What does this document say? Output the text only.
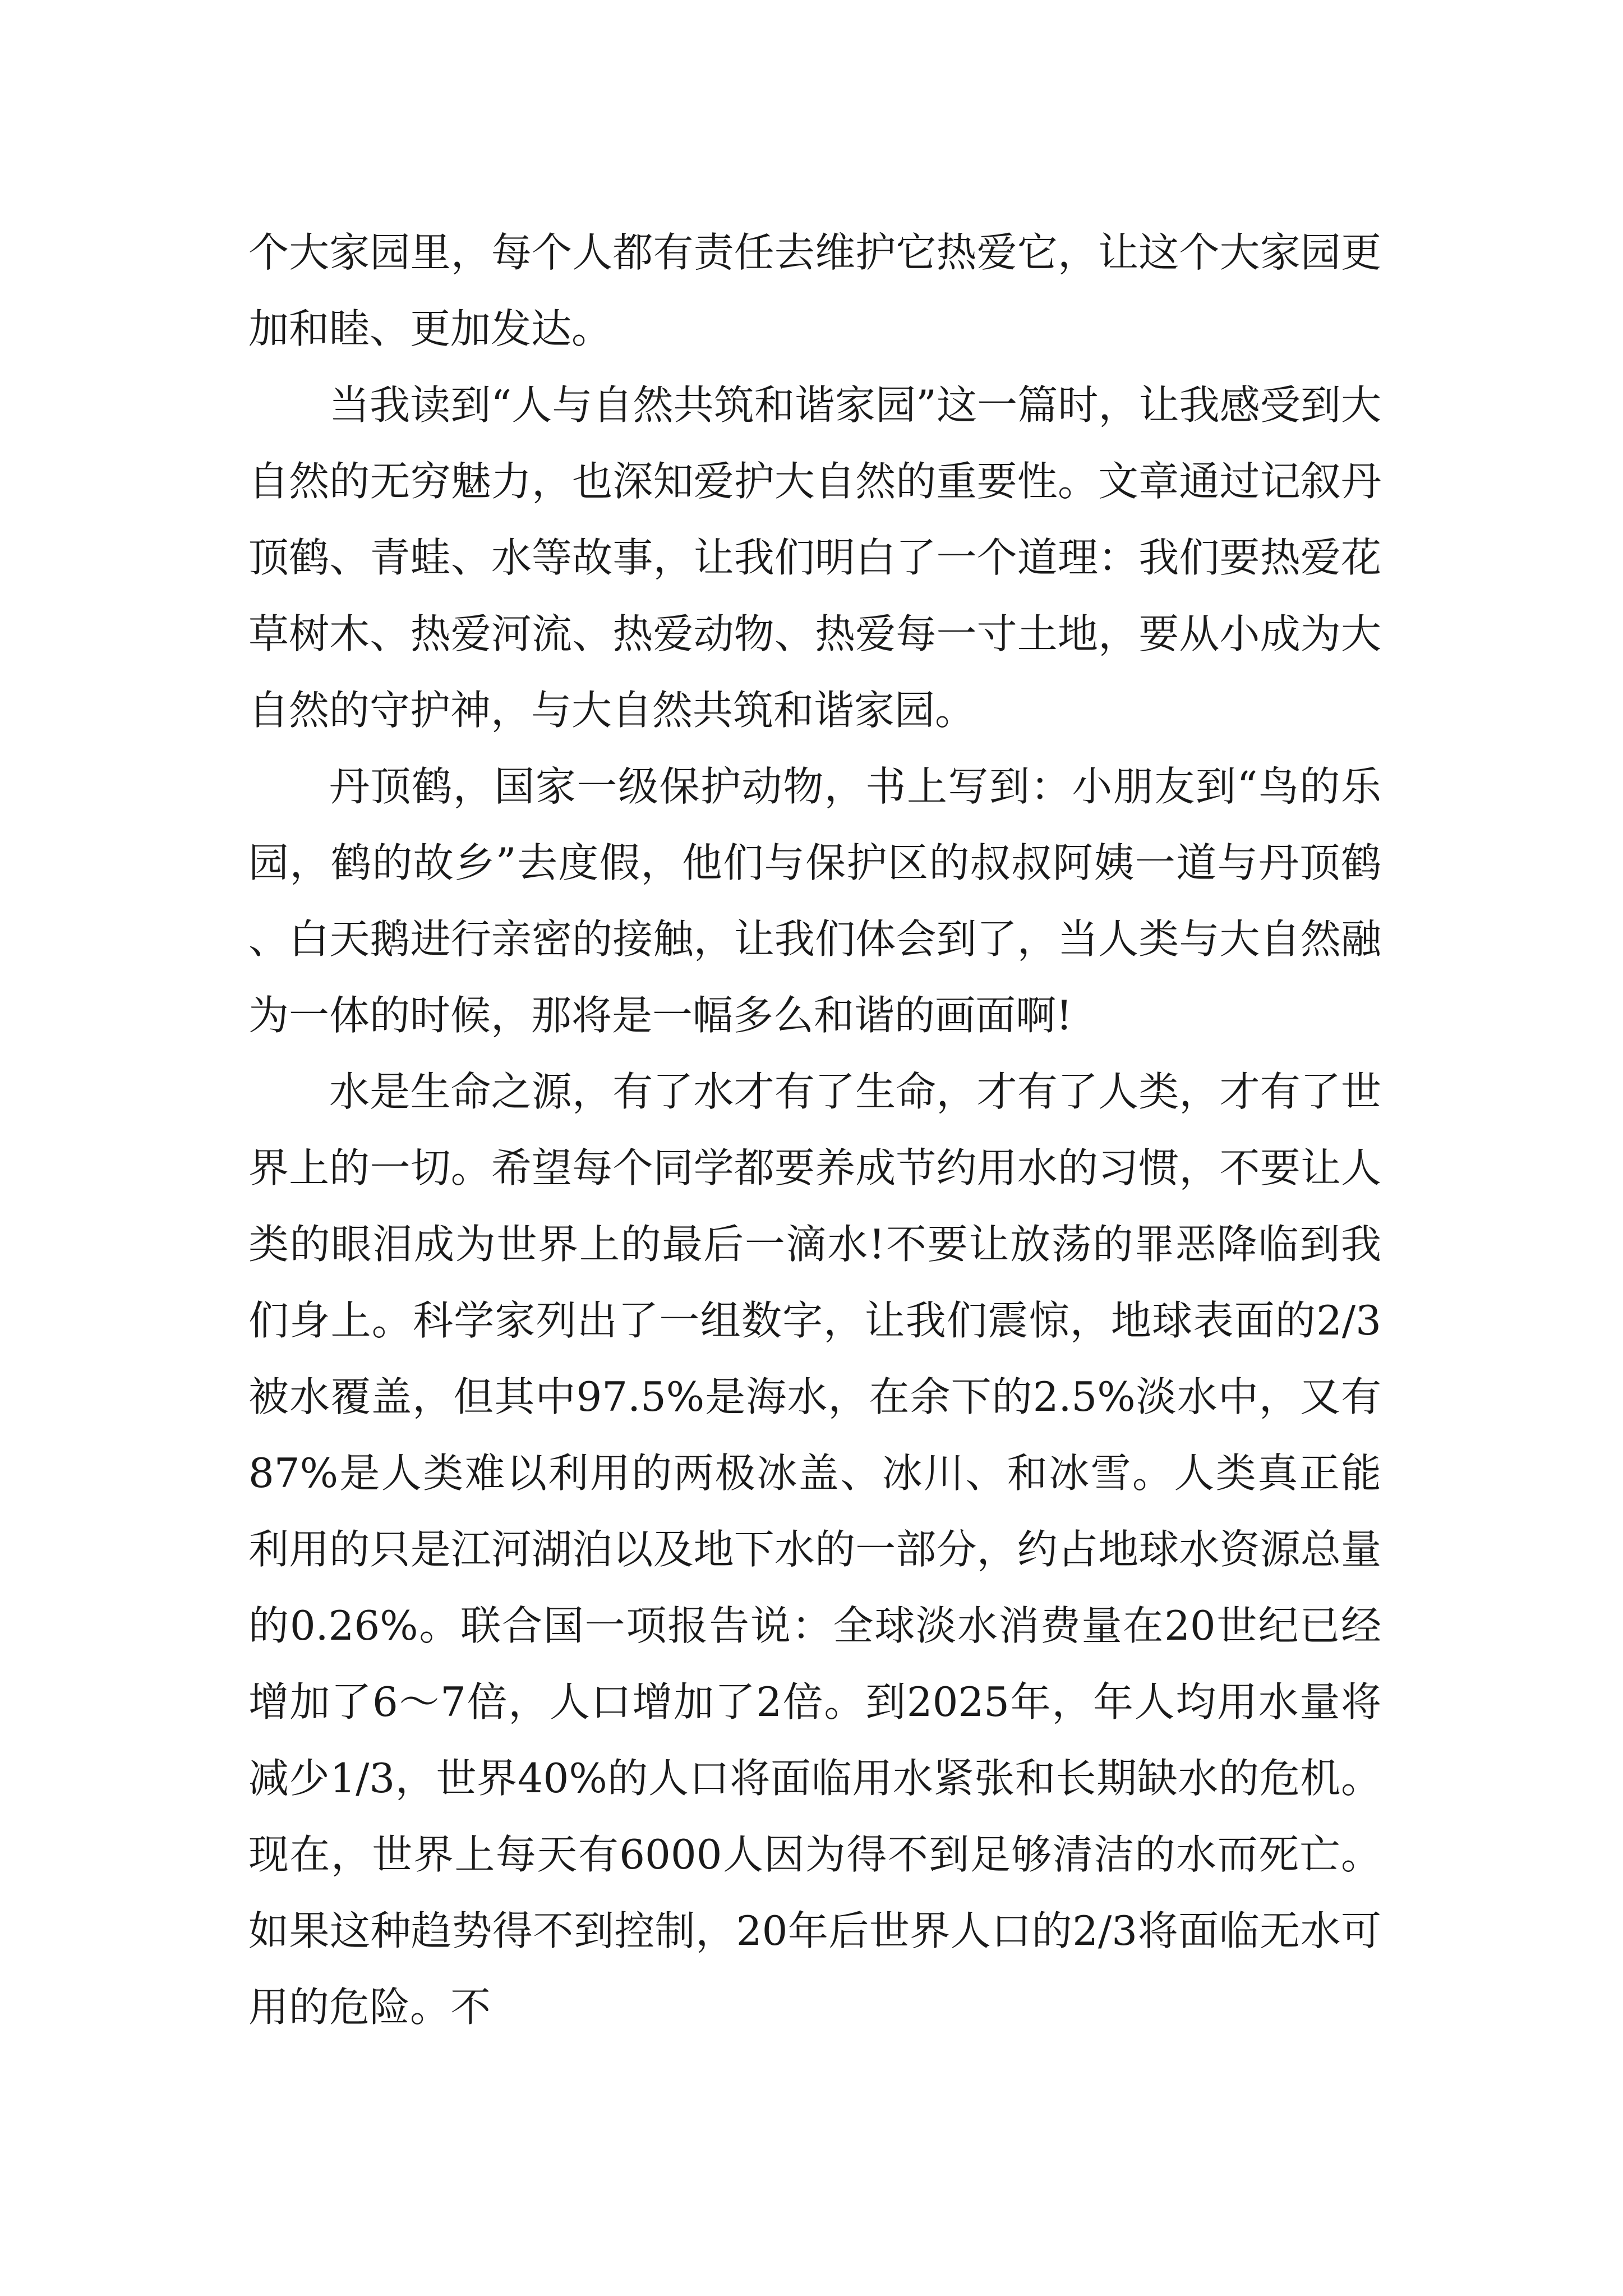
个大家园里，每个人都有责任去维护它热爱它，让这个大家园更加和睦、更加发达。

当我读到“人与自然共筑和谐家园”这一篇时，让我感受到大自然的无穷魅力，也深知爱护大自然的重要性。文章通过记叙丹顶鹤、青蛙、水等故事，让我们明白了一个道理：我们要热爱花草树木、热爱河流、热爱动物、热爱每一寸土地，要从小成为大自然的守护神，与大自然共筑和谐家园。

丹顶鹤，国家一级保护动物，书上写到：小朋友到“鸟的乐园，鹤的故乡”去度假，他们与保护区的叔叔阿姨一道与丹顶鹤、白天鹅进行亲密的接触，让我们体会到了，当人类与大自然融为一体的时候，那将是一幅多么和谐的画面啊!

水是生命之源，有了水才有了生命，才有了人类，才有了世界上的一切。希望每个同学都要养成节约用水的习惯，不要让人类的眼泪成为世界上的最后一滴水!不要让放荡的罪恶降临到我们身上。科学家列出了一组数字，让我们震惊，地球表面的2/3被水覆盖，但其中97.5%是海水，在余下的2.5%淡水中，又有87%是人类难以利用的两极冰盖、冰川、和冰雪。人类真正能利用的只是江河湖泊以及地下水的一部分，约占地球水资源总量的0.26%。联合国一项报告说：全球淡水消费量在20世纪已经增加了6～7倍，人口增加了2倍。到2025年，年人均用水量将减少1/3，世界40%的人口将面临用水紧张和长期缺水的危机。现在，世界上每天有6000人因为得不到足够清洁的水而死亡。如果这种趋势得不到控制，20年后世界人口的2/3将面临无水可用的危险。不
